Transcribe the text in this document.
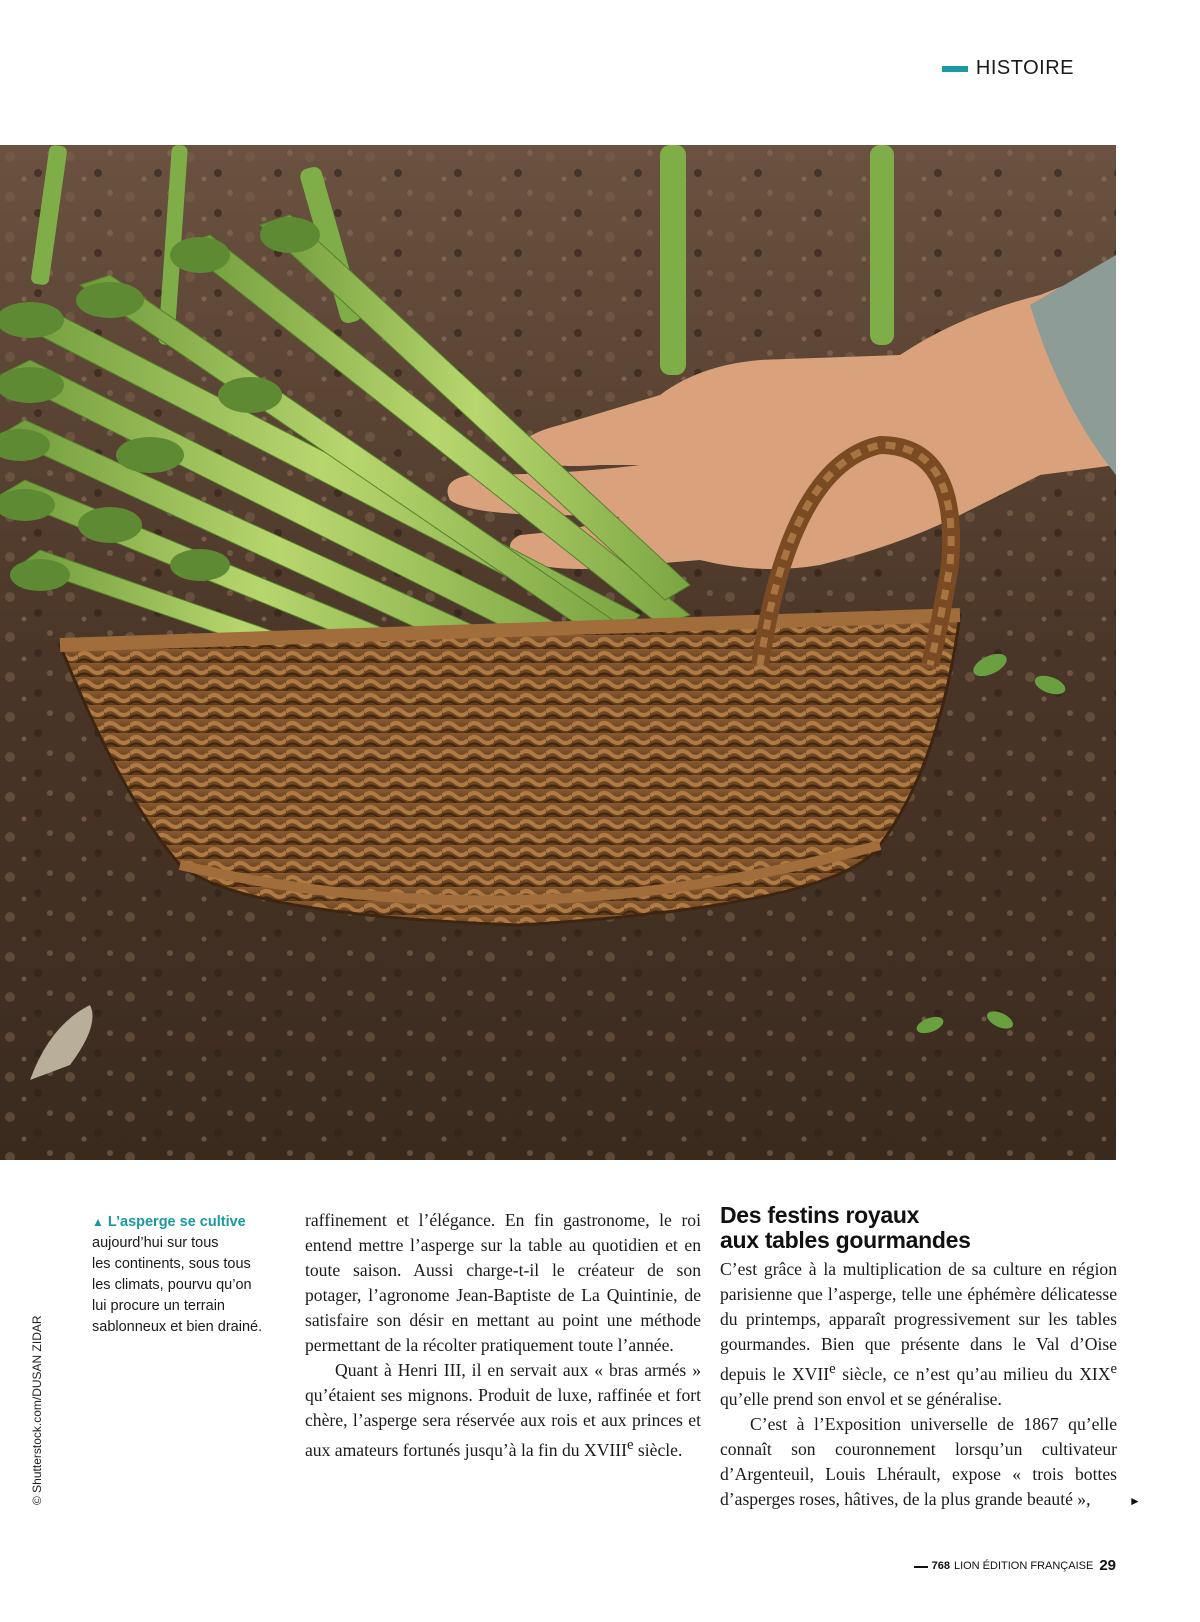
HISTOIRE
© Shutterstock.com/DUSAN ZIDAR
▲ L’asperge se cultive
aujourd’hui sur tous
les continents, sous tous
les climats, pourvu qu’on
lui procure un terrain
sablonneux et bien drainé.

raffinement et l’élégance. En fin gastronome, le roi entend mettre l’asperge sur la table au quotidien et en toute saison. Aussi charge-t-il le créateur de son potager, l’agronome Jean-Baptiste de La Quintinie, de satisfaire son désir en mettant au point une méthode permettant de la récolter pratiquement toute l’année.

Quant à Henri III, il en servait aux « bras armés » qu’étaient ses mignons. Produit de luxe, raffinée et fort chère, l’asperge sera réservée aux rois et aux princes et aux amateurs fortunés jusqu’à la fin du XVIIIe siècle.

Des festins royaux
aux tables gourmandes

C’est grâce à la multiplication de sa culture en région parisienne que l’asperge, telle une éphémère délicatesse du printemps, apparaît progressivement sur les tables gourmandes. Bien que présente dans le Val d’Oise depuis le XVIIe siècle, ce n’est qu’au milieu du XIXe qu’elle prend son envol et se généralise.

C’est à l’Exposition universelle de 1867 qu’elle connaît son couronnement lorsqu’un cultivateur d’Argenteuil, Louis Lhérault, expose « trois bottes d’asperges roses, hâtives, de la plus grande beauté »,	►
768 LION ÉDITION FRANÇAISE 29
